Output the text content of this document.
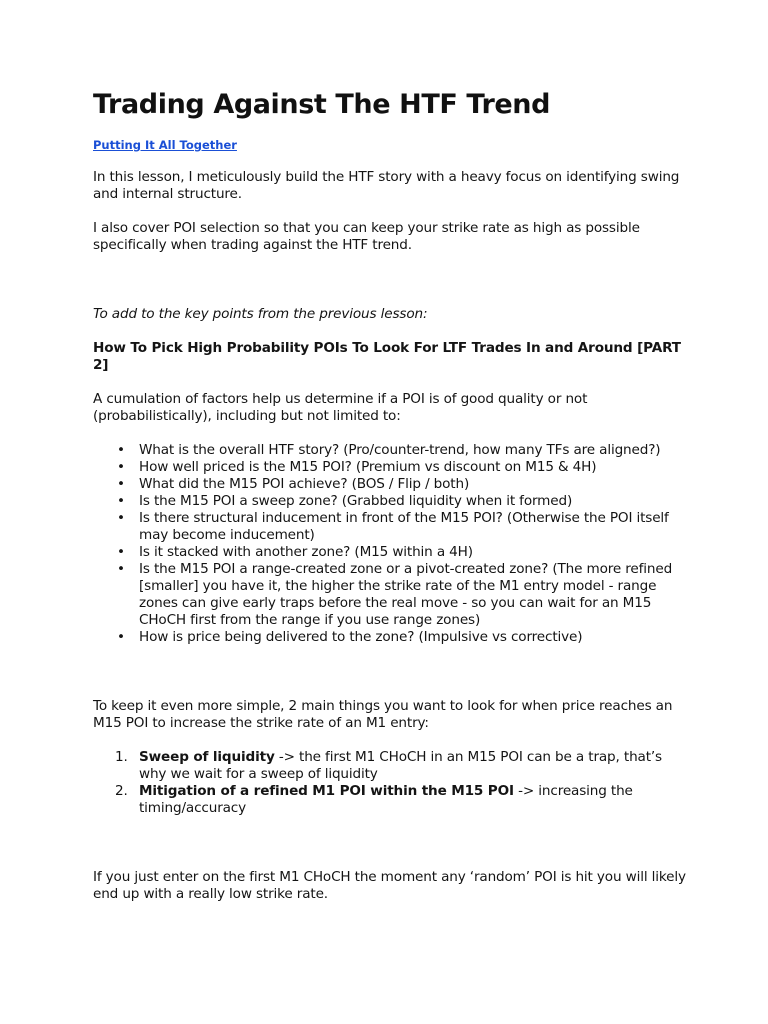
Trading Against The HTF Trend
Putting It All Together

In this lesson, I meticulously build the HTF story with a heavy focus on identifying swing and internal structure.

I also cover POI selection so that you can keep your strike rate as high as possible specifically when trading against the HTF trend.

To add to the key points from the previous lesson:

How To Pick High Probability POIs To Look For LTF Trades In and Around [PART 2]

A cumulation of factors help us determine if a POI is of good quality or not (probabilistically), including but not limited to:

• What is the overall HTF story? (Pro/counter-trend, how many TFs are aligned?)
• How well priced is the M15 POI? (Premium vs discount on M15 & 4H)
• What did the M15 POI achieve? (BOS / Flip / both)
• Is the M15 POI a sweep zone? (Grabbed liquidity when it formed)
• Is there structural inducement in front of the M15 POI? (Otherwise the POI itself may become inducement)
• Is it stacked with another zone? (M15 within a 4H)
• Is the M15 POI a range-created zone or a pivot-created zone? (The more refined [smaller] you have it, the higher the strike rate of the M1 entry model - range zones can give early traps before the real move - so you can wait for an M15 CHoCH first from the range if you use range zones)
• How is price being delivered to the zone? (Impulsive vs corrective)

To keep it even more simple, 2 main things you want to look for when price reaches an M15 POI to increase the strike rate of an M1 entry:

1. Sweep of liquidity -> the first M1 CHoCH in an M15 POI can be a trap, that’s why we wait for a sweep of liquidity
2. Mitigation of a refined M1 POI within the M15 POI -> increasing the timing/accuracy

If you just enter on the first M1 CHoCH the moment any ‘random’ POI is hit you will likely end up with a really low strike rate.
